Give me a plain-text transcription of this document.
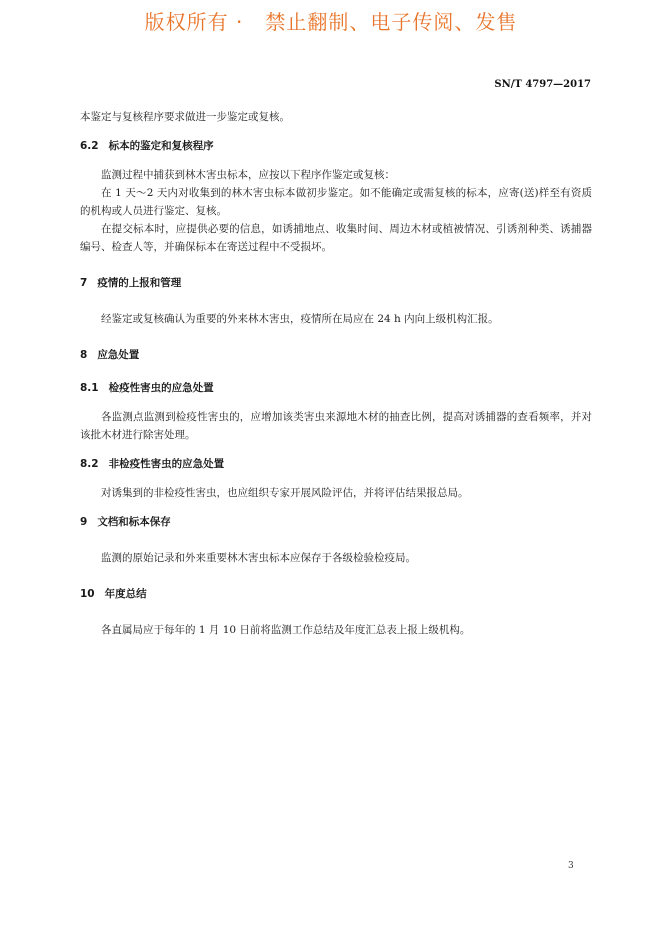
版权所有 ·   禁止翻制、电子传阅、发售
SN/T 4797—2017

本鉴定与复核程序要求做进一步鉴定或复核。

6.2 标本的鉴定和复核程序

监测过程中捕获到林木害虫标本，应按以下程序作鉴定或复核：

在 1 天～2 天内对收集到的林木害虫标本做初步鉴定。如不能确定或需复核的标本，应寄(送)样至有资质的机构或人员进行鉴定、复核。

在提交标本时，应提供必要的信息，如诱捕地点、收集时间、周边木材或植被情况、引诱剂种类、诱捕器编号、检查人等，并确保标本在寄送过程中不受损坏。

7 疫情的上报和管理

经鉴定或复核确认为重要的外来林木害虫，疫情所在局应在 24 h 内向上级机构汇报。

8 应急处置
8.1 检疫性害虫的应急处置

各监测点监测到检疫性害虫的，应增加该类害虫来源地木材的抽查比例，提高对诱捕器的查看频率，并对该批木材进行除害处理。

8.2 非检疫性害虫的应急处置

对诱集到的非检疫性害虫，也应组织专家开展风险评估，并将评估结果报总局。

9 文档和标本保存

监测的原始记录和外来重要林木害虫标本应保存于各级检验检疫局。

10 年度总结

各直属局应于每年的 1 月 10 日前将监测工作总结及年度汇总表上报上级机构。

3
